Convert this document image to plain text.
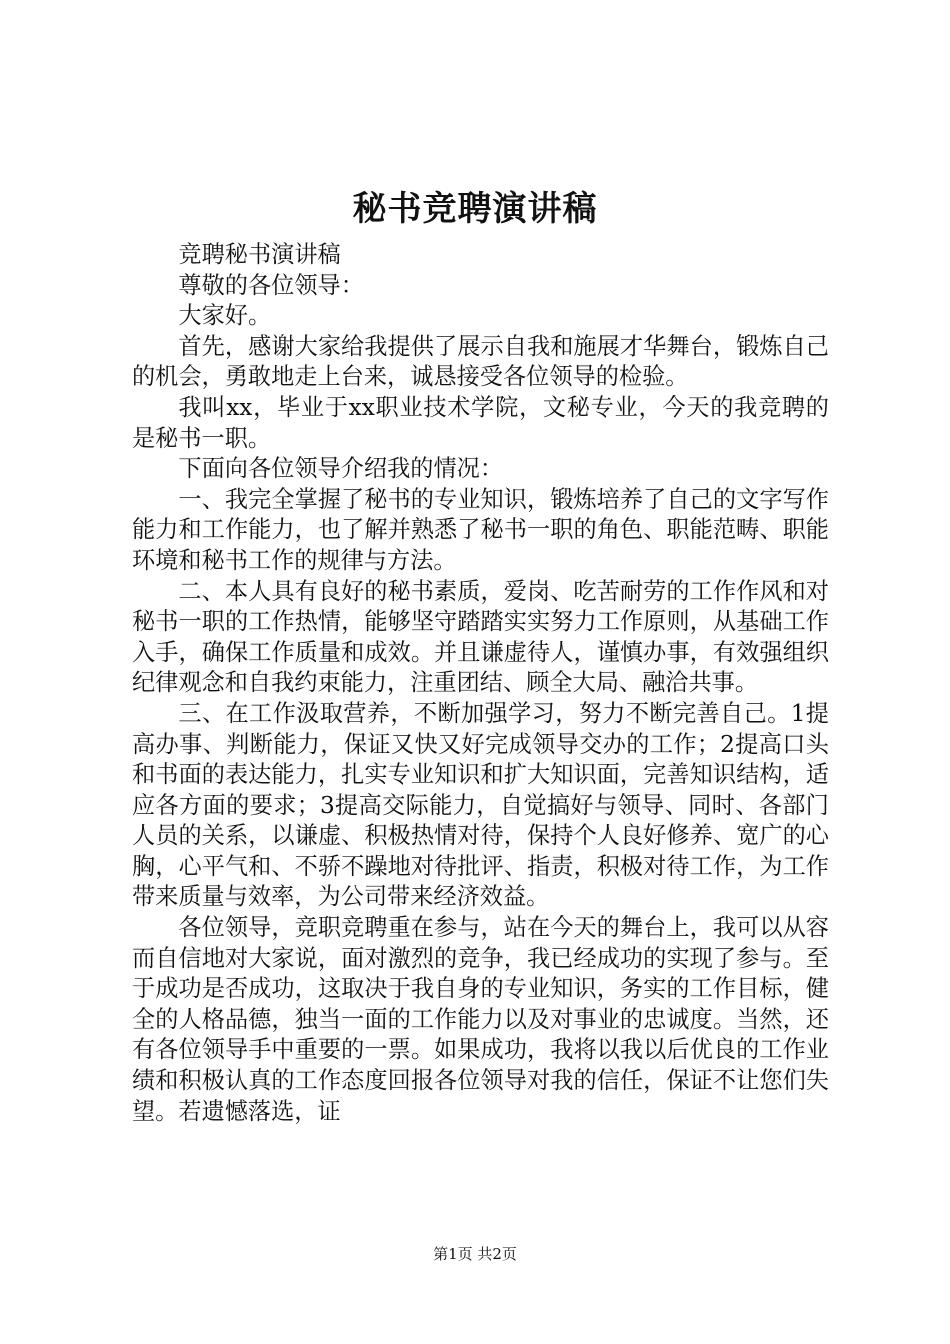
秘书竞聘演讲稿

竞聘秘书演讲稿

尊敬的各位领导：

大家好。

首先，感谢大家给我提供了展示自我和施展才华舞台，锻炼自己的机会，勇敢地走上台来，诚恳接受各位领导的检验。

我叫xx，毕业于xx职业技术学院，文秘专业，今天的我竞聘的是秘书一职。

下面向各位领导介绍我的情况：

一、我完全掌握了秘书的专业知识，锻炼培养了自己的文字写作能力和工作能力，也了解并熟悉了秘书一职的角色、职能范畴、职能环境和秘书工作的规律与方法。

二、本人具有良好的秘书素质，爱岗、吃苦耐劳的工作作风和对秘书一职的工作热情，能够坚守踏踏实实努力工作原则，从基础工作入手，确保工作质量和成效。并且谦虚待人，谨慎办事，有效强组织纪律观念和自我约束能力，注重团结、顾全大局、融洽共事。

三、在工作汲取营养，不断加强学习，努力不断完善自己。1提高办事、判断能力，保证又快又好完成领导交办的工作；2提高口头和书面的表达能力，扎实专业知识和扩大知识面，完善知识结构，适应各方面的要求；3提高交际能力，自觉搞好与领导、同时、各部门人员的关系，以谦虚、积极热情对待，保持个人良好修养、宽广的心胸，心平气和、不骄不躁地对待批评、指责，积极对待工作，为工作带来质量与效率，为公司带来经济效益。

各位领导，竞职竞聘重在参与，站在今天的舞台上，我可以从容而自信地对大家说，面对激烈的竞争，我已经成功的实现了参与。至于成功是否成功，这取决于我自身的专业知识，务实的工作目标，健全的人格品德，独当一面的工作能力以及对事业的忠诚度。当然，还有各位领导手中重要的一票。如果成功，我将以我以后优良的工作业绩和积极认真的工作态度回报各位领导对我的信任，保证不让您们失望。若遗憾落选，证

第1页 共2页
